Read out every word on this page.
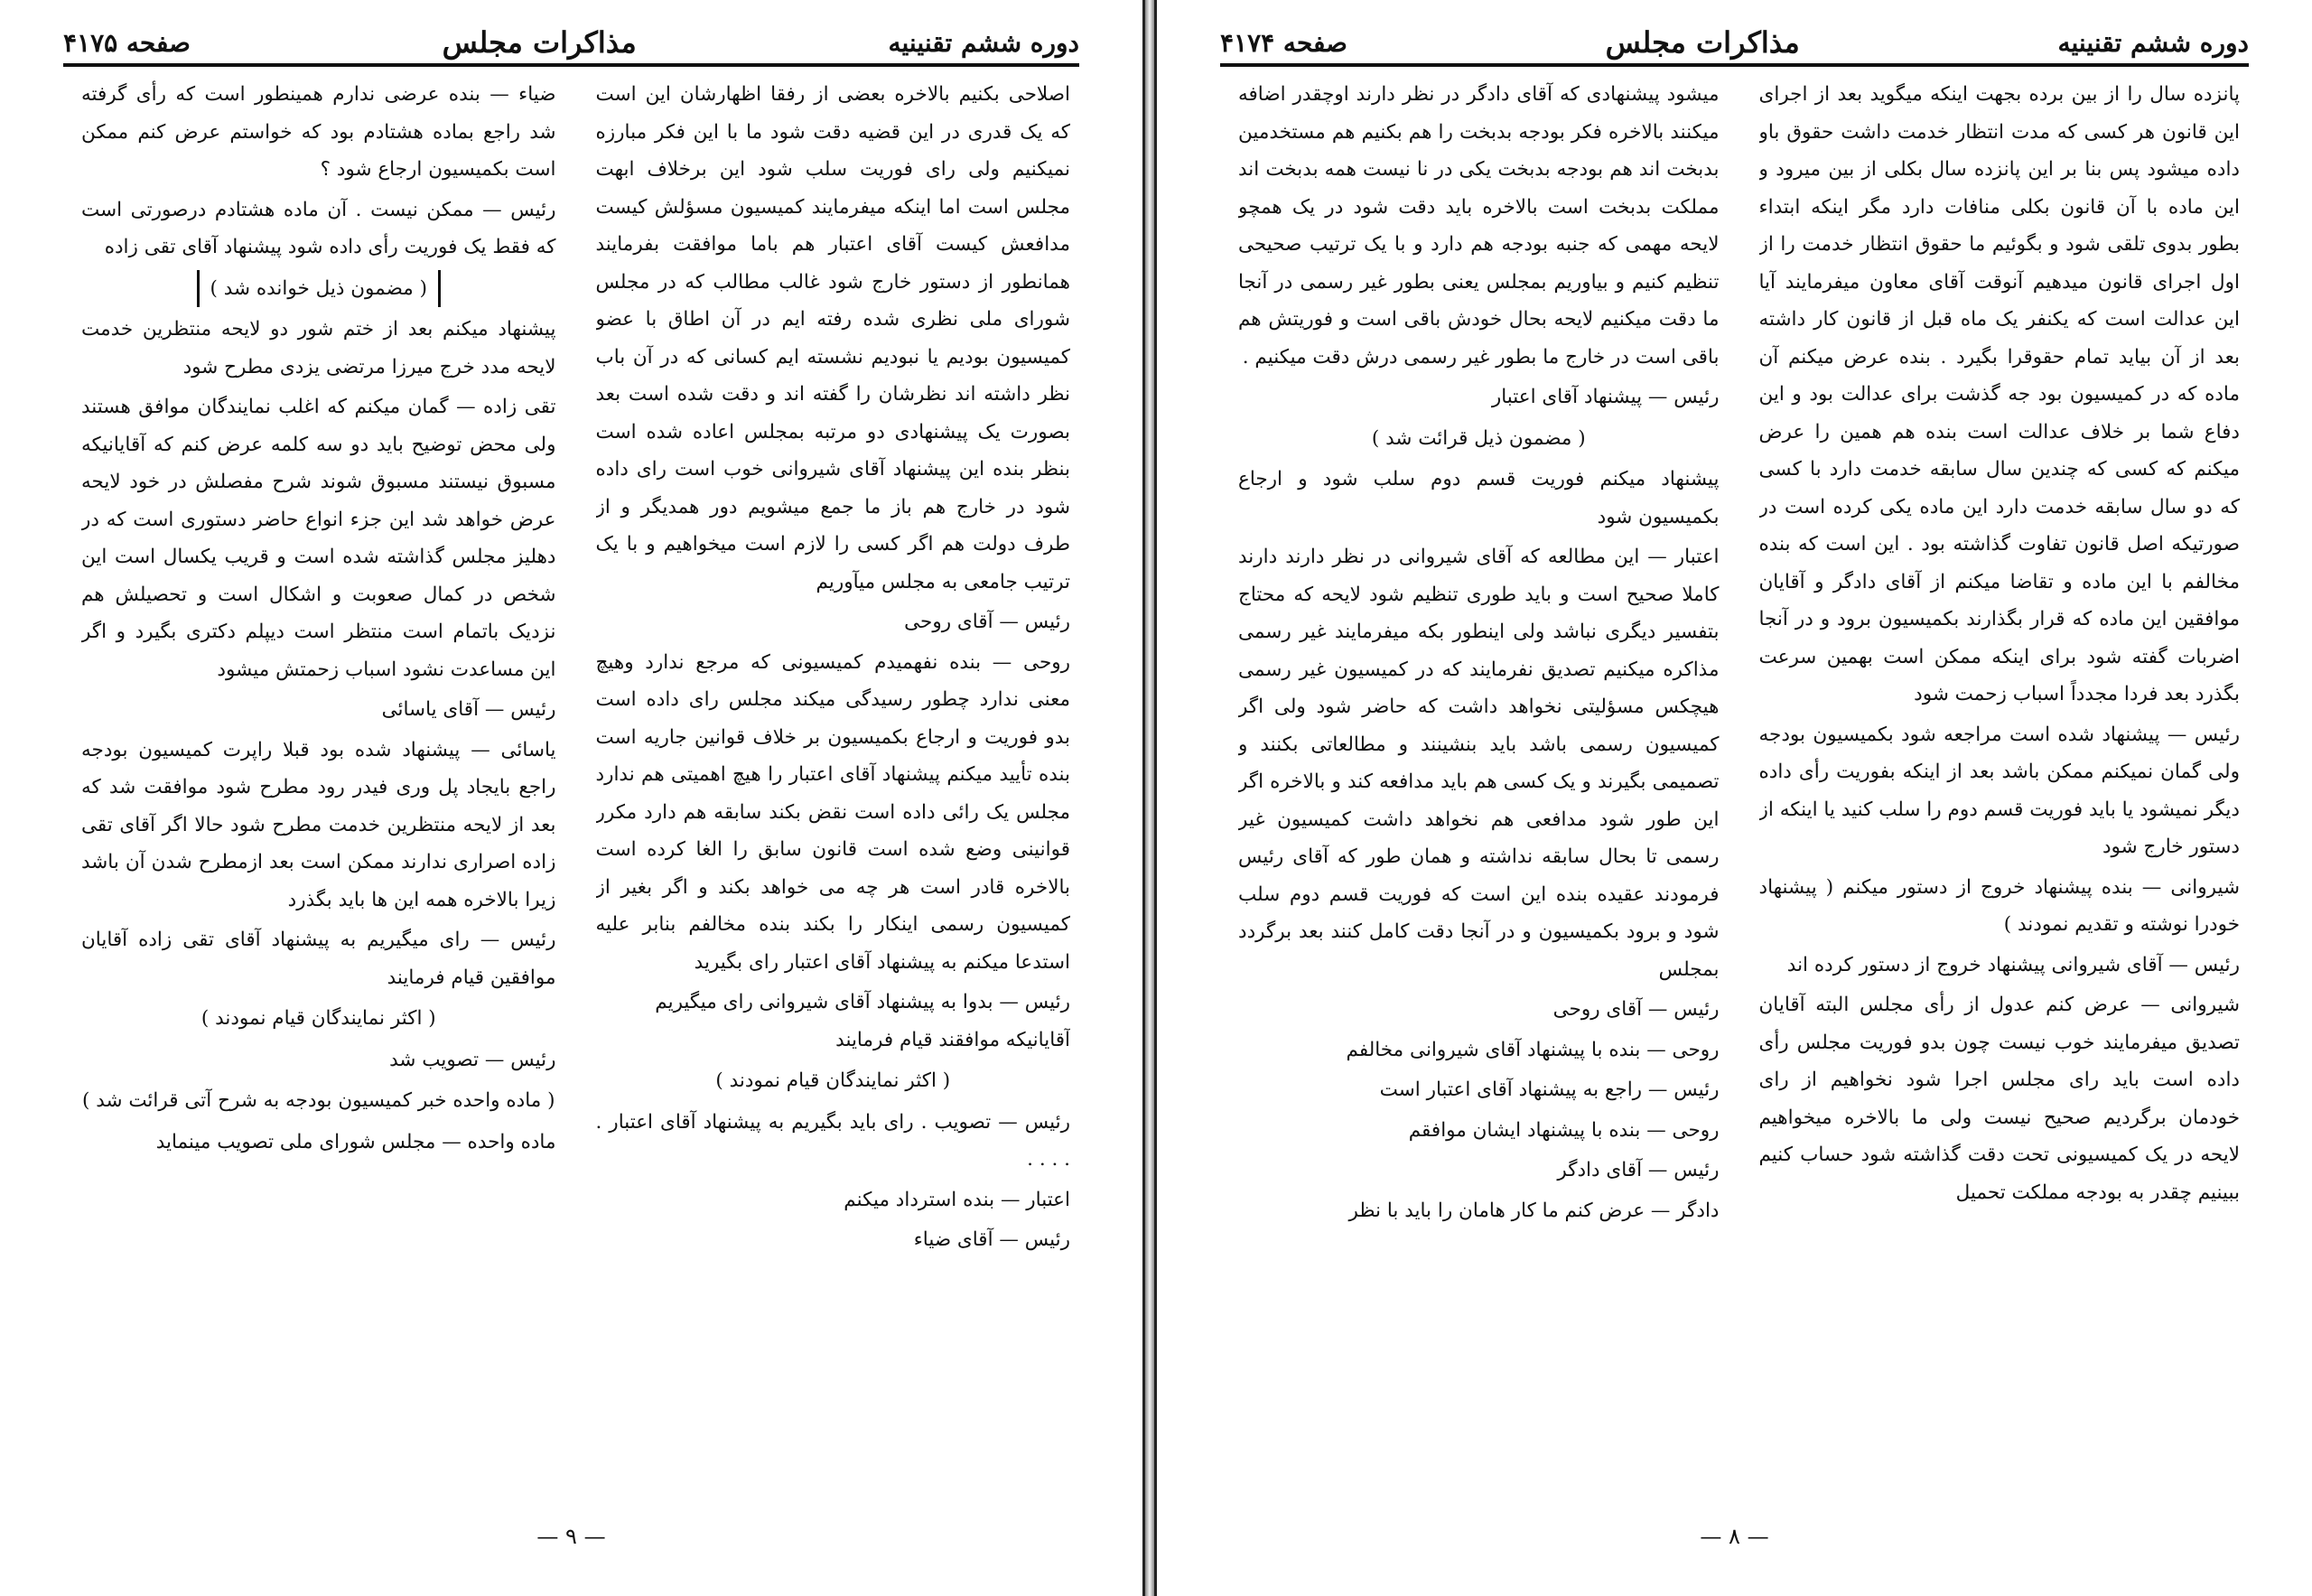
دوره ششم تقنینیه
مذاکرات مجلس
صفحه ۴۱۷۵

اصلاحی بکنیم بالاخره بعضی از رفقا اظهارشان این است که یک قدری در این قضیه دقت شود ما با این فکر مبارزه نمیکنیم ولی رای فوریت سلب شود این برخلاف ابهت مجلس است اما اینکه میفرمایند کمیسیون مسؤلش کیست مدافعش کیست آقای اعتبار هم باما موافقت بفرمایند همانطور از دستور خارج شود غالب مطالب که در مجلس شورای ملی نظری شده رفته ایم در آن اطاق با عضو کمیسیون بودیم یا نبودیم نشسته ایم کسانی که در آن باب نظر داشته اند نظرشان را گفته اند و دقت شده است بعد بصورت یک پیشنهادی دو مرتبه بمجلس اعاده شده است بنظر بنده این پیشنهاد آقای شیروانی خوب است رای داده شود در خارج هم باز ما جمع میشویم دور همدیگر و از طرف دولت هم اگر کسی را لازم است میخواهیم و با یک ترتیب جامعی به مجلس میآوریم

رئیس — آقای روحی

روحی — بنده نفهمیدم کمیسیونی که مرجع ندارد وهیچ معنی ندارد چطور رسیدگی میکند مجلس رای داده است بدو فوریت و ارجاع بکمیسیون بر خلاف قوانین جاریه است بنده تأیید میکنم پیشنهاد آقای اعتبار را هیچ اهمیتی هم ندارد مجلس یک رائی داده است نقض بکند سابقه هم دارد مکرر قوانینی وضع شده است قانون سابق را الغا کرده است بالاخره قادر است هر چه می خواهد بکند و اگر بغیر از کمیسیون رسمی اینکار را بکند بنده مخالفم بنابر علیه استدعا میکنم به پیشنهاد آقای اعتبار رای بگیرید

رئیس — بدوا به پیشنهاد آقای شیروانی رای میگیریم آقایانیکه موافقند قیام فرمایند

( اکثر نمایندگان قیام نمودند )

رئیس — تصویب . رای باید بگیریم به پیشنهاد آقای اعتبار . . . . .

اعتبار — بنده استرداد میکنم

رئیس — آقای ضیاء

ضیاء — بنده عرضی ندارم همینطور است که رأی گرفته شد راجع بماده هشتادم بود که خواستم عرض کنم ممکن است بکمیسیون ارجاع شود ؟

رئیس — ممکن نیست . آن ماده هشتادم درصورتی است که فقط یک فوریت رأی داده شود پیشنهاد آقای تقی زاده

( مضمون ذیل خوانده شد )

پیشنهاد میکنم بعد از ختم شور دو لایحه منتظرین خدمت لایحه مدد خرج میرزا مرتضی یزدی مطرح شود

تقی زاده — گمان میکنم که اغلب نمایندگان موافق هستند ولی محض توضیح باید دو سه کلمه عرض کنم که آقایانیکه مسبوق نیستند مسبوق شوند شرح مفصلش در خود لایحه عرض خواهد شد این جزء انواع حاضر دستوری است که در دهلیز مجلس گذاشته شده است و قریب یکسال است این شخص در کمال صعوبت و اشکال است و تحصیلش هم نزدیک باتمام است منتظر است دیپلم دکتری بگیرد و اگر این مساعدت نشود اسباب زحمتش میشود

رئیس — آقای یاسائی

یاسائی — پیشنهاد شده بود قبلا راپرت کمیسیون بودجه راجع بایجاد پل وری فیدر رود مطرح شود موافقت شد که بعد از لایحه منتظرین خدمت مطرح شود حالا اگر آقای تقی زاده اصراری ندارند ممکن است بعد ازمطرح شدن آن باشد زیرا بالاخره همه این ها باید بگذرد

رئیس — رای میگیریم به پیشنهاد آقای تقی زاده آقایان موافقین قیام فرمایند

( اکثر نمایندگان قیام نمودند )

رئیس — تصویب شد

( ماده واحده خبر کمیسیون بودجه به شرح آتی قرائت شد )

ماده واحده — مجلس شورای ملی تصویب مینماید

— ۹ —
دوره ششم تقنینیه
مذاکرات مجلس
صفحه ۴۱۷۴

پانزده سال را از بین برده بجهت اینکه میگوید بعد از اجرای این قانون هر کسی که مدت انتظار خدمت داشت حقوق باو داده میشود پس بنا بر این پانزده سال بکلی از بین میرود و این ماده با آن قانون بکلی منافات دارد مگر اینکه ابتداء بطور بدوی تلقی شود و بگوئیم ما حقوق انتظار خدمت را از اول اجرای قانون میدهیم آنوقت آقای معاون میفرمایند آیا این عدالت است که یکنفر یک ماه قبل از قانون کار داشته بعد از آن بیاید تمام حقوقرا بگیرد . بنده عرض میکنم آن ماده که در کمیسیون بود جه گذشت برای عدالت بود و این دفاع شما بر خلاف عدالت است بنده هم همین را عرض میکنم که کسی که چندین سال سابقه خدمت دارد با کسی که دو سال سابقه خدمت دارد این ماده یکی کرده است در صورتیکه اصل قانون تفاوت گذاشته بود . این است که بنده مخالفم با این ماده و تقاضا میکنم از آقای دادگر و آقایان موافقین این ماده که قرار بگذارند بکمیسیون برود و در آنجا اضربات گفته شود برای اینکه ممکن است بهمین سرعت بگذرد بعد فردا مجدداً اسباب زحمت شود

رئیس — پیشنهاد شده است مراجعه شود بکمیسیون بودجه ولی گمان نمیکنم ممکن باشد بعد از اینکه بفوریت رأی داده دیگر نمیشود یا باید فوریت قسم دوم را سلب کنید یا اینکه از دستور خارج شود

شیروانی — بنده پیشنهاد خروج از دستور میکنم ( پیشنهاد خودرا نوشته و تقدیم نمودند )

رئیس — آقای شیروانی پیشنهاد خروج از دستور کرده اند

شیروانی — عرض کنم عدول از رأی مجلس البته آقایان تصدیق میفرمایند خوب نیست چون بدو فوریت مجلس رأی داده است باید رای مجلس اجرا شود نخواهیم از رای خودمان برگردیم صحیح نیست ولی ما بالاخره میخواهیم لایحه در یک کمیسیونی تحت دقت گذاشته شود حساب کنیم ببینیم چقدر به بودجه مملکت تحمیل

میشود پیشنهادی که آقای دادگر در نظر دارند اوچقدر اضافه میکنند بالاخره فکر بودجه بدبخت را هم بکنیم هم مستخدمین بدبخت اند هم بودجه بدبخت یکی در نا نیست همه بدبخت اند مملکت بدبخت است بالاخره باید دقت شود در یک همچو لایحه مهمی که جنبه بودجه هم دارد و با یک ترتیب صحیحی تنظیم کنیم و بیاوریم بمجلس یعنی بطور غیر رسمی در آنجا ما دقت میکنیم لایحه بحال خودش باقی است و فوریتش هم باقی است در خارج ما بطور غیر رسمی درش دقت میکنیم .

رئیس — پیشنهاد آقای اعتبار

( مضمون ذیل قرائت شد )

پیشنهاد میکنم فوریت قسم دوم سلب شود و ارجاع بکمیسیون شود

اعتبار — این مطالعه که آقای شیروانی در نظر دارند دارند کاملا صحیح است و باید طوری تنظیم شود لایحه که محتاج بتفسیر دیگری نباشد ولی اینطور بکه میفرمایند غیر رسمی مذاکره میکنیم تصدیق نفرمایند که در کمیسیون غیر رسمی هیچکس مسؤلیتی نخواهد داشت که حاضر شود ولی اگر کمیسیون رسمی باشد باید بنشینند و مطالعاتی بکنند و تصمیمی بگیرند و یک کسی هم باید مدافعه کند و بالاخره اگر این طور شود مدافعی هم نخواهد داشت کمیسیون غیر رسمی تا بحال سابقه نداشته و همان طور که آقای رئیس فرمودند عقیده بنده این است که فوریت قسم دوم سلب شود و برود بکمیسیون و در آنجا دقت کامل کنند بعد برگردد بمجلس

رئیس — آقای روحی

روحی — بنده با پیشنهاد آقای شیروانی مخالفم

رئیس — راجع به پیشنهاد آقای اعتبار است

روحی — بنده با پیشنهاد ایشان موافقم

رئیس — آقای دادگر

دادگر — عرض کنم ما کار هامان را باید با نظر

— ۸ —
